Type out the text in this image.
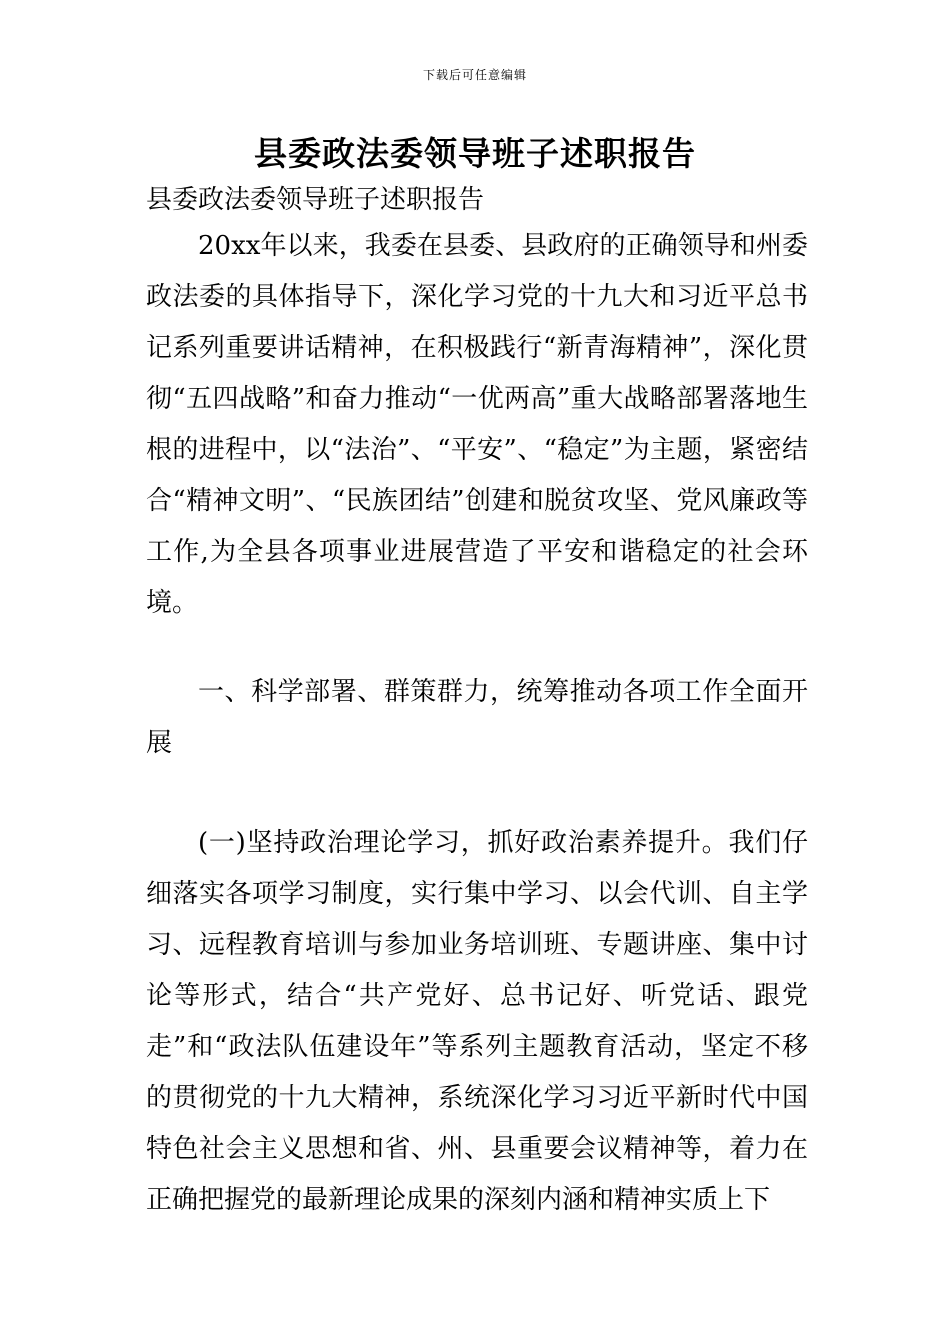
下载后可任意编辑
县委政法委领导班子述职报告

县委政法委领导班子述职报告

20xx年以来，我委在县委、县政府的正确领导和州委政法委的具体指导下，深化学习党的十九大和习近平总书记系列重要讲话精神，在积极践行“新青海精神”，深化贯彻“五四战略”和奋力推动“一优两高”重大战略部署落地生根的进程中，以“法治”、“平安”、“稳定”为主题，紧密结合“精神文明”、“民族团结”创建和脱贫攻坚、党风廉政等工作,为全县各项事业进展营造了平安和谐稳定的社会环境。

一、科学部署、群策群力，统筹推动各项工作全面开展

(一)坚持政治理论学习，抓好政治素养提升。我们仔细落实各项学习制度，实行集中学习、以会代训、自主学习、远程教育培训与参加业务培训班、专题讲座、集中讨论等形式，结合“共产党好、总书记好、听党话、跟党走”和“政法队伍建设年”等系列主题教育活动，坚定不移的贯彻党的十九大精神，系统深化学习习近平新时代中国特色社会主义思想和省、州、县重要会议精神等，着力在正确把握党的最新理论成果的深刻内涵和精神实质上下
